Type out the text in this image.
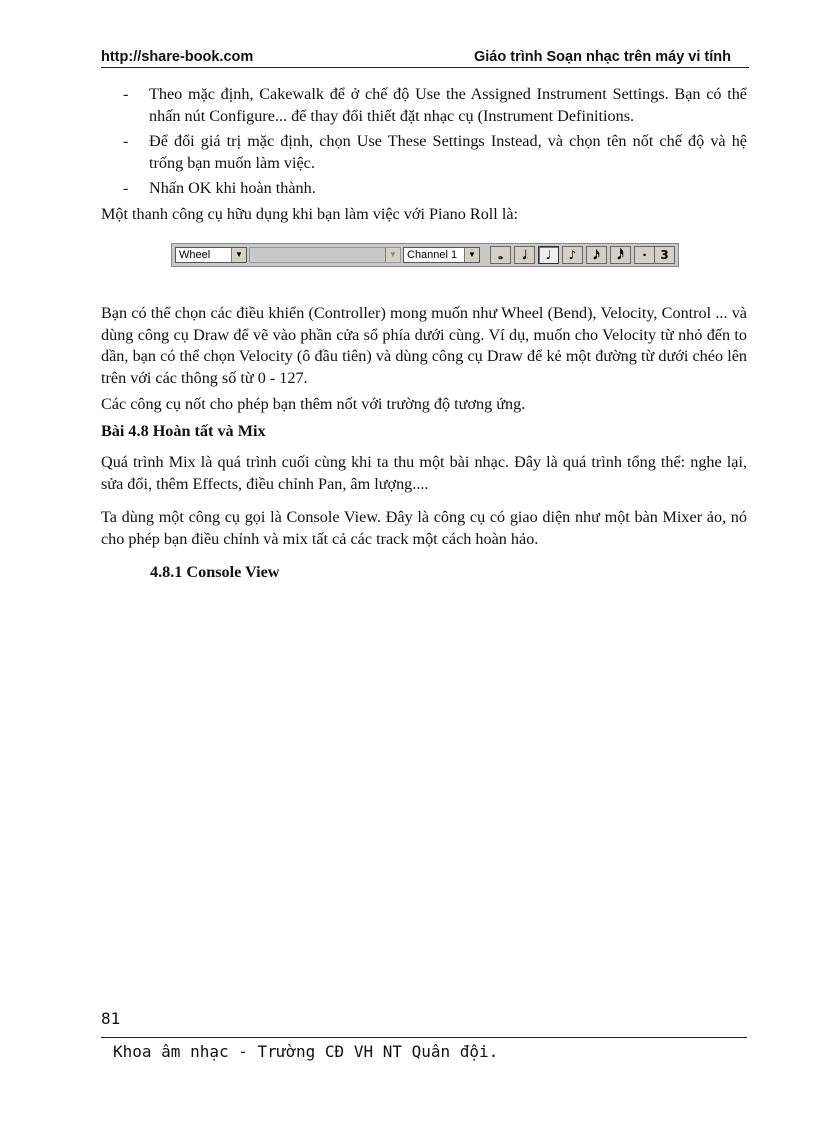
http://share-book.com	Giáo trình Soạn nhạc trên máy vi tính
- Theo mặc định, Cakewalk để ở chế độ Use the Assigned Instrument Settings. Bạn có thể nhấn nút Configure... để thay đổi thiết đặt nhạc cụ (Instrument Definitions.
- Để đổi giá trị mặc định, chọn Use These Settings Instead, và chọn tên nốt chế độ và hệ trống bạn muốn làm việc.
- Nhấn OK khi hoàn thành.

Một thanh công cụ hữu dụng khi bạn làm việc với Piano Roll là:

Wheel	▼	▼ Channel 1	▼	𝅝	𝅗𝅥	♩	♪	𝅘𝅥𝅯	𝅘𝅥𝅰	·	3

Bạn có thể chọn các điều khiển (Controller) mong muốn như Wheel (Bend), Velocity, Control ... và dùng công cụ Draw để vẽ vào phần cửa sổ phía dưới cùng. Ví dụ, muốn cho Velocity từ nhỏ đến to dần, bạn có thể chọn Velocity (ô đầu tiên) và dùng công cụ Draw để kẻ một đường từ dưới chéo lên trên với các thông số từ 0 - 127.

Các công cụ nốt cho phép bạn thêm nốt với trường độ tương ứng.

Bài 4.8 Hoàn tất và Mix

Quá trình Mix là quá trình cuối cùng khi ta thu một bài nhạc. Đây là quá trình tổng thể: nghe lại, sửa đổi, thêm Effects, điều chỉnh Pan, âm lượng....

Ta dùng một công cụ gọi là Console View. Đây là công cụ có giao diện như một bàn Mixer ảo, nó cho phép bạn điều chỉnh và mix tất cả các track một cách hoàn hảo.

4.8.1 Console View

81
Khoa âm nhạc - Trường CĐ VH NT Quân đội.
